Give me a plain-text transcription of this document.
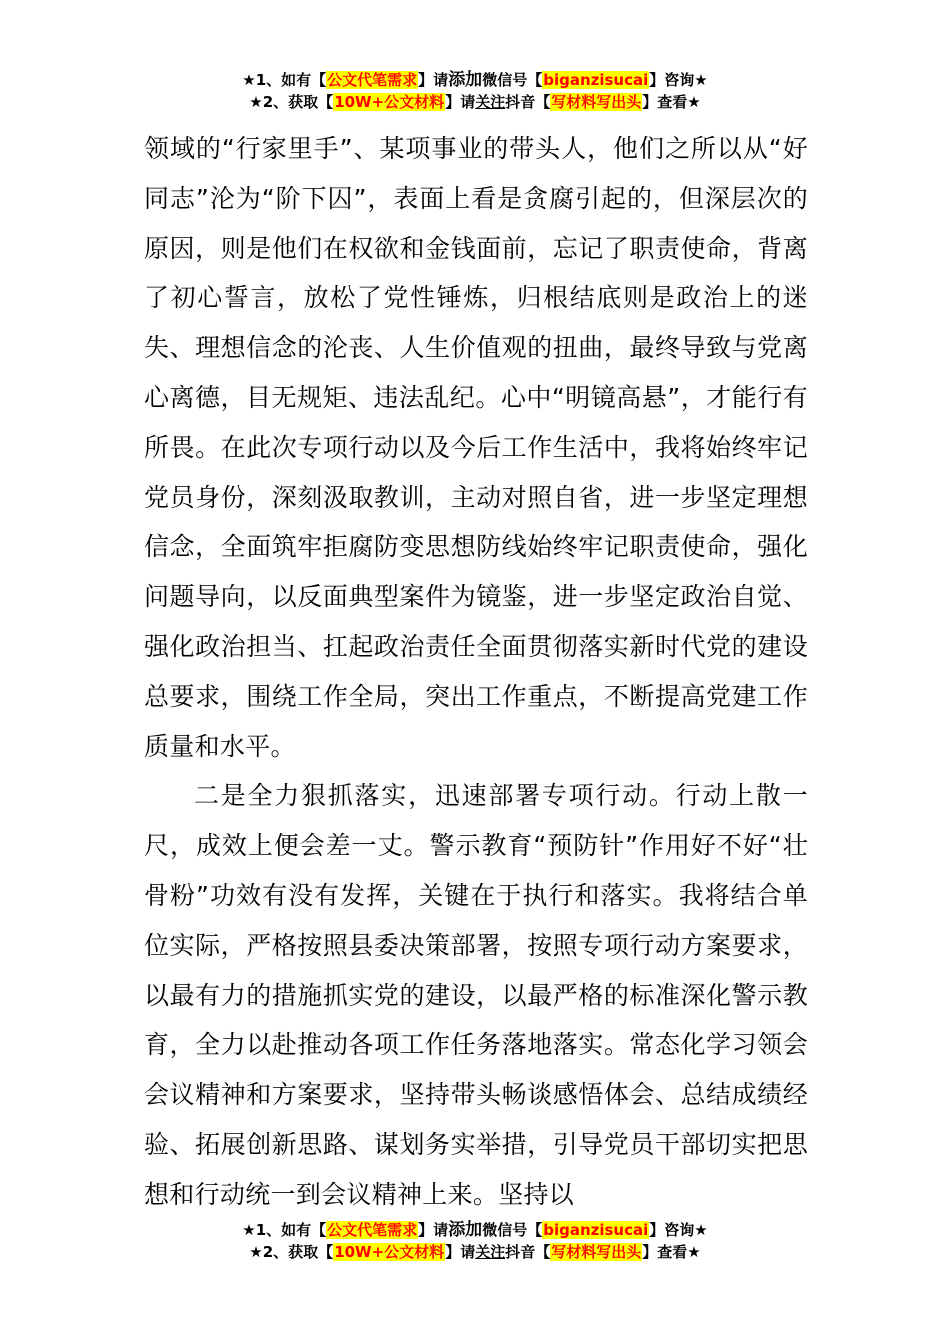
★1、如有【公文代笔需求】请添加微信号【biganzisucai】咨询★
★2、获取【10W+公文材料】请关注抖音【写材料写出头】查看★

领域的“行家里手”、某项事业的带头人，他们之所以从“好同志”沦为“阶下囚”，表面上看是贪腐引起的，但深层次的原因，则是他们在权欲和金钱面前，忘记了职责使命，背离了初心誓言，放松了党性锤炼，归根结底则是政治上的迷失、理想信念的沦丧、人生价值观的扭曲，最终导致与党离心离德，目无规矩、违法乱纪。心中“明镜高悬”，才能行有所畏。在此次专项行动以及今后工作生活中，我将始终牢记党员身份，深刻汲取教训，主动对照自省，进一步坚定理想信念，全面筑牢拒腐防变思想防线始终牢记职责使命，强化问题导向，以反面典型案件为镜鉴，进一步坚定政治自觉、强化政治担当、扛起政治责任全面贯彻落实新时代党的建设总要求，围绕工作全局，突出工作重点，不断提高党建工作质量和水平。

二是全力狠抓落实，迅速部署专项行动。行动上散一尺，成效上便会差一丈。警示教育“预防针”作用好不好“壮骨粉”功效有没有发挥，关键在于执行和落实。我将结合单位实际，严格按照县委决策部署，按照专项行动方案要求，以最有力的措施抓实党的建设，以最严格的标准深化警示教育，全力以赴推动各项工作任务落地落实。常态化学习领会会议精神和方案要求，坚持带头畅谈感悟体会、总结成绩经验、拓展创新思路、谋划务实举措，引导党员干部切实把思想和行动统一到会议精神上来。坚持以

★1、如有【公文代笔需求】请添加微信号【biganzisucai】咨询★
★2、获取【10W+公文材料】请关注抖音【写材料写出头】查看★
